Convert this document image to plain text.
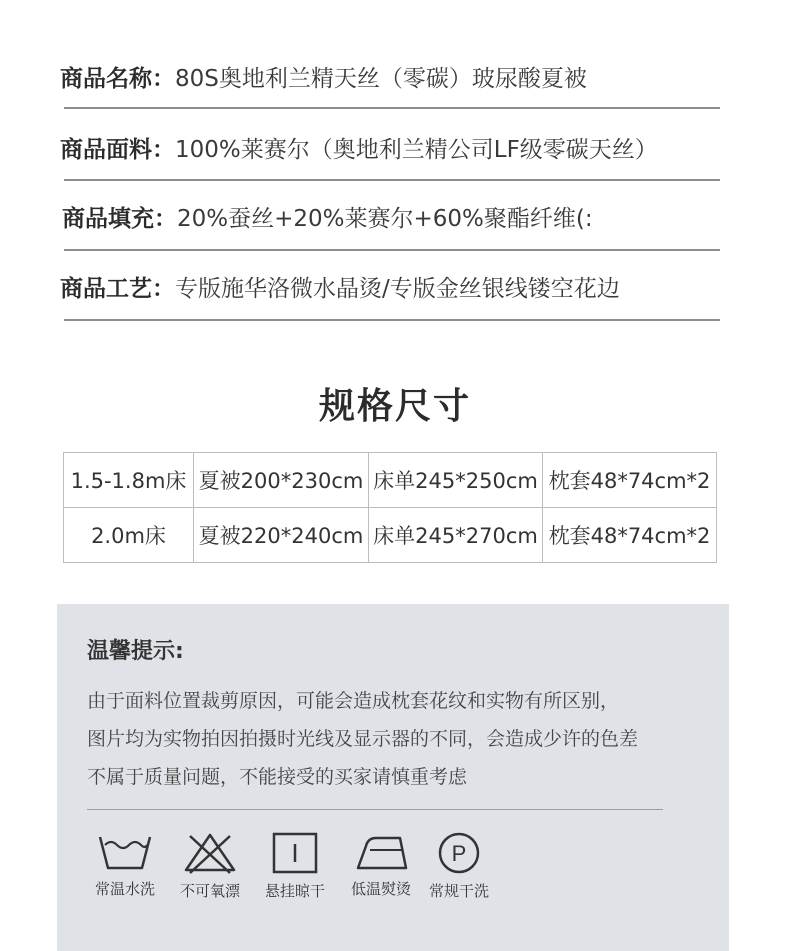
商品名称：80S奥地利兰精天丝（零碳）玻尿酸夏被
商品面料：100%莱赛尔（奥地利兰精公司LF级零碳天丝）
商品填充：20%蚕丝+20%莱赛尔+60%聚酯纤维(:
商品工艺：专版施华洛微水晶烫/专版金丝银线镂空花边
规格尺寸
1.5-1.8m床	夏被200*230cm	床单245*250cm	枕套48*74cm*2
2.0m床	夏被220*240cm	床单245*270cm	枕套48*74cm*2
温馨提示:
由于面料位置裁剪原因，可能会造成枕套花纹和实物有所区别，
图片均为实物拍因拍摄时光线及显示器的不同，会造成少许的色差
不属于质量问题，不能接受的买家请慎重考虑
常温水洗	不可氧漂	悬挂晾干	低温熨烫
P
常规干洗
